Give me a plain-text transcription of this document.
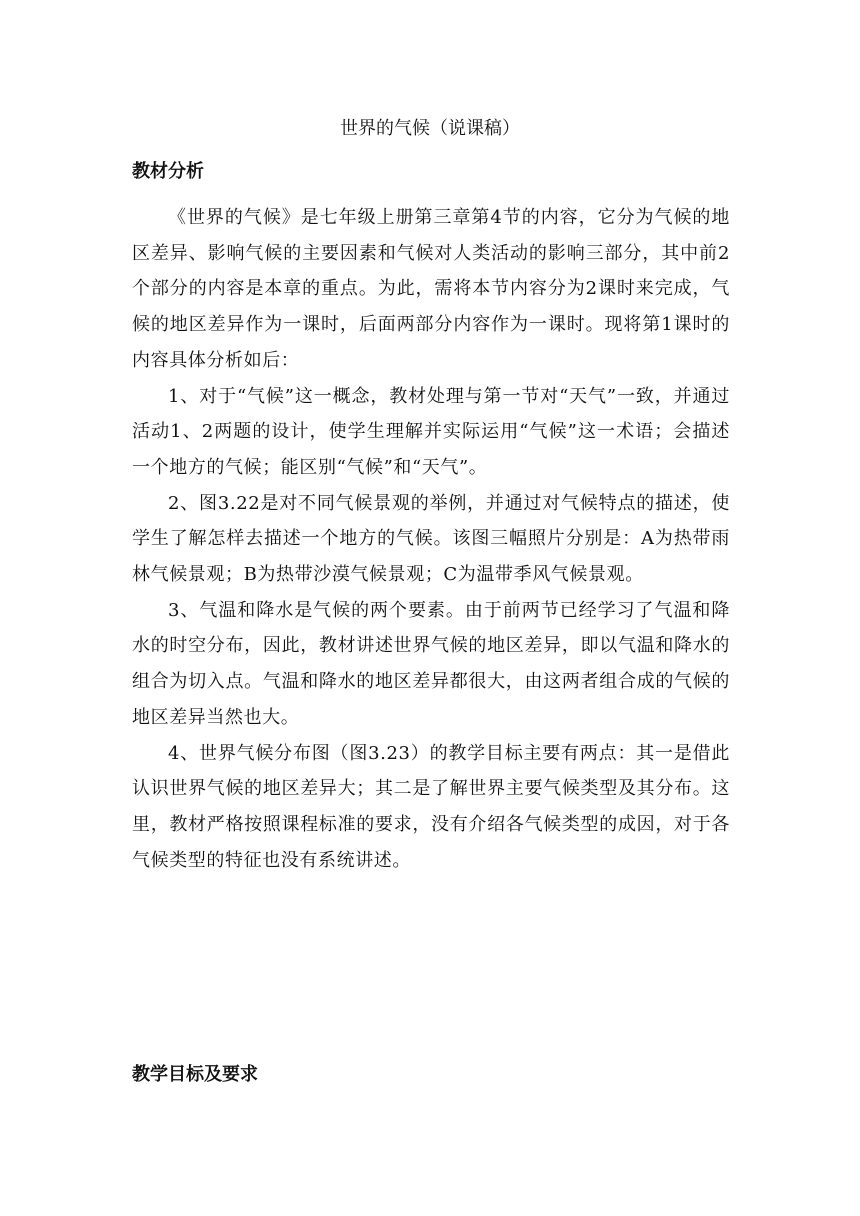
世界的气候（说课稿）
教材分析

《世界的气候》是七年级上册第三章第4节的内容，它分为气候的地区差异、影响气候的主要因素和气候对人类活动的影响三部分，其中前2个部分的内容是本章的重点。为此，需将本节内容分为2课时来完成，气候的地区差异作为一课时，后面两部分内容作为一课时。现将第1课时的内容具体分析如后：

1、对于“气候”这一概念，教材处理与第一节对“天气”一致，并通过活动1、2两题的设计，使学生理解并实际运用“气候”这一术语；会描述一个地方的气候；能区别“气候”和“天气”。

2、图3.22是对不同气候景观的举例，并通过对气候特点的描述，使学生了解怎样去描述一个地方的气候。该图三幅照片分别是：A为热带雨林气候景观；B为热带沙漠气候景观；C为温带季风气候景观。

3、气温和降水是气候的两个要素。由于前两节已经学习了气温和降水的时空分布，因此，教材讲述世界气候的地区差异，即以气温和降水的组合为切入点。气温和降水的地区差异都很大，由这两者组合成的气候的地区差异当然也大。

4、世界气候分布图（图3.23）的教学目标主要有两点：其一是借此认识世界气候的地区差异大；其二是了解世界主要气候类型及其分布。这里，教材严格按照课程标准的要求，没有介绍各气候类型的成因，对于各气候类型的特征也没有系统讲述。

教学目标及要求
